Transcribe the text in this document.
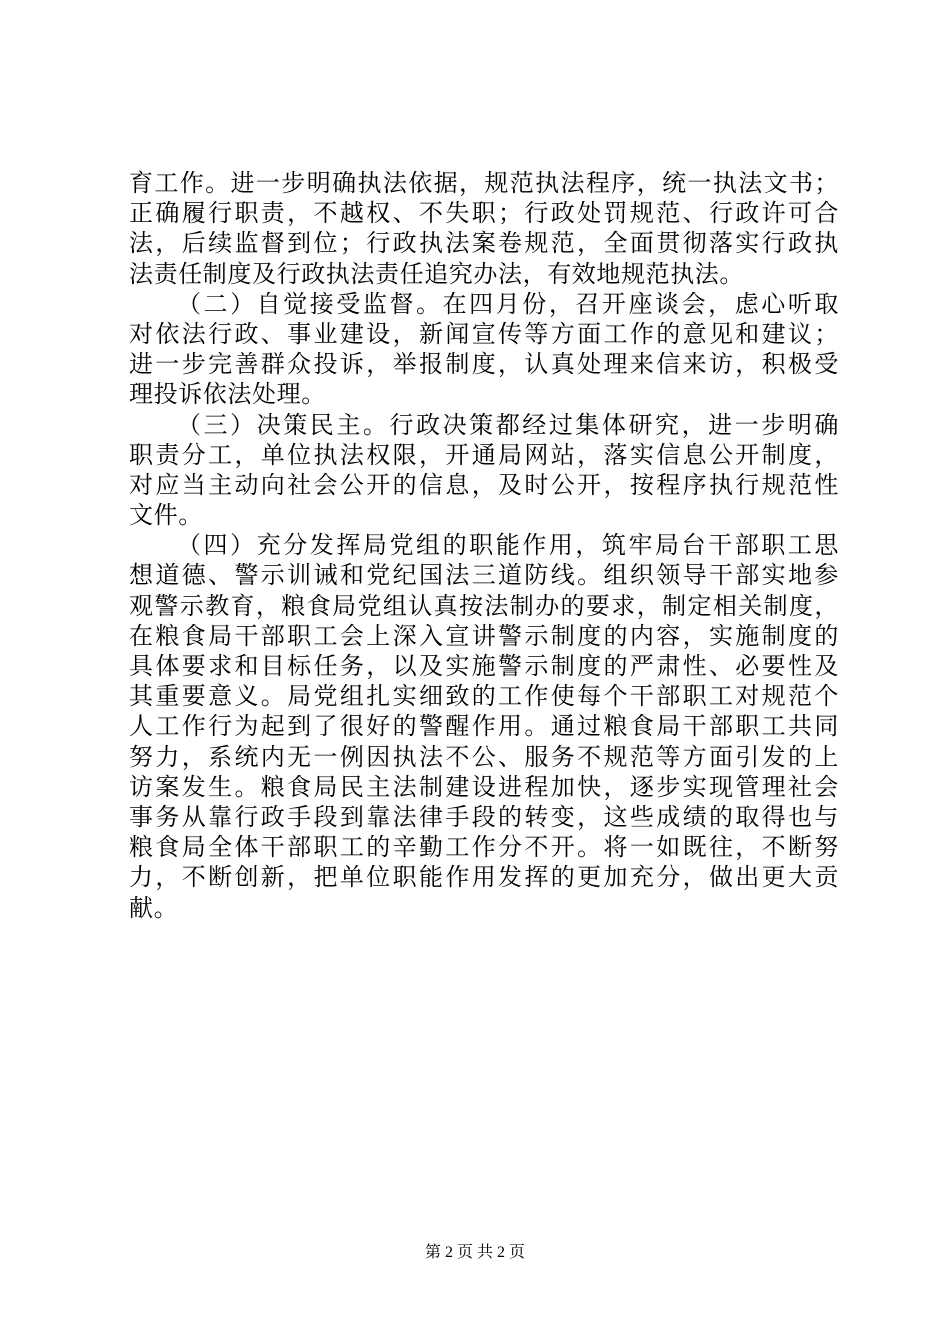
育工作。进一步明确执法依据，规范执法程序，统一执法文书；
正确履行职责，不越权、不失职；行政处罚规范、行政许可合
法，后续监督到位；行政执法案卷规范，全面贯彻落实行政执
法责任制度及行政执法责任追究办法，有效地规范执法。
（二）自觉接受监督。在四月份，召开座谈会，虑心听取
对依法行政、事业建设，新闻宣传等方面工作的意见和建议；
进一步完善群众投诉，举报制度，认真处理来信来访，积极受
理投诉依法处理。
（三）决策民主。行政决策都经过集体研究，进一步明确
职责分工，单位执法权限，开通局网站，落实信息公开制度，
对应当主动向社会公开的信息，及时公开，按程序执行规范性
文件。
（四）充分发挥局党组的职能作用，筑牢局台干部职工思
想道德、警示训诫和党纪国法三道防线。组织领导干部实地参
观警示教育，粮食局党组认真按法制办的要求，制定相关制度，
在粮食局干部职工会上深入宣讲警示制度的内容，实施制度的
具体要求和目标任务，以及实施警示制度的严肃性、必要性及
其重要意义。局党组扎实细致的工作使每个干部职工对规范个
人工作行为起到了很好的警醒作用。通过粮食局干部职工共同
努力，系统内无一例因执法不公、服务不规范等方面引发的上
访案发生。粮食局民主法制建设进程加快，逐步实现管理社会
事务从靠行政手段到靠法律手段的转变，这些成绩的取得也与
粮食局全体干部职工的辛勤工作分不开。将一如既往，不断努
力，不断创新，把单位职能作用发挥的更加充分，做出更大贡
献。
第 2 页 共 2 页
